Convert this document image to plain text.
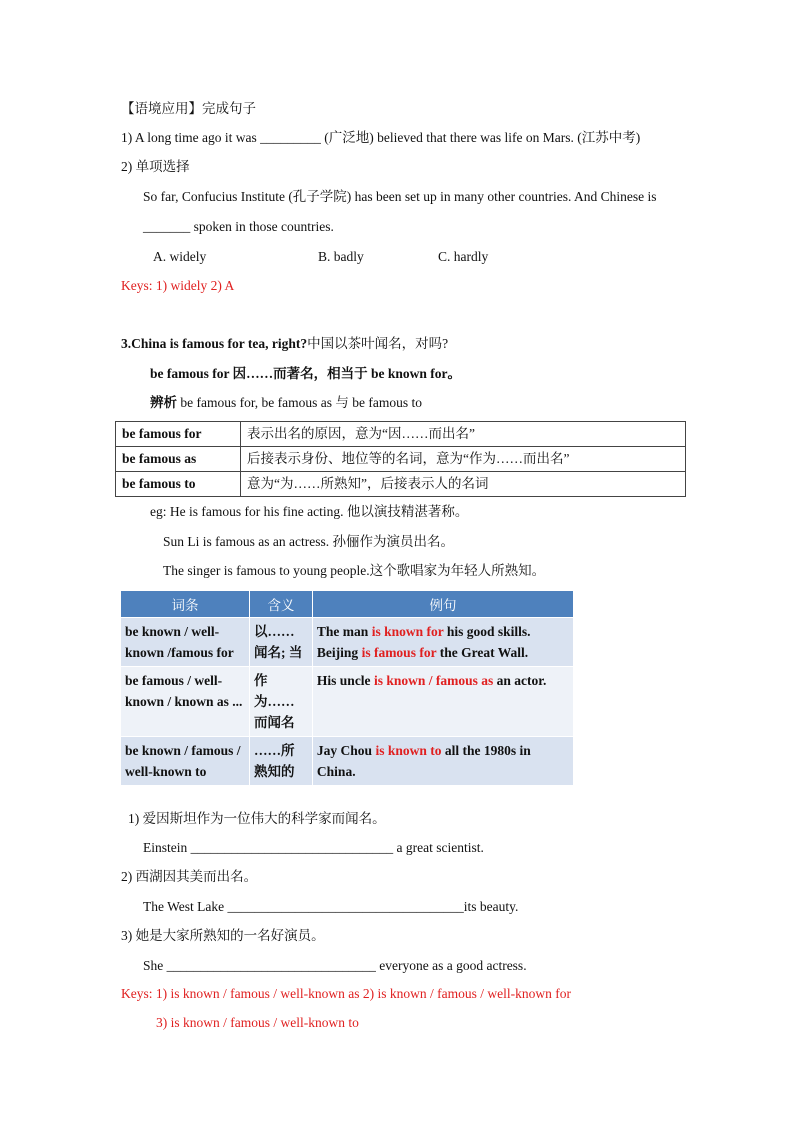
【语境应用】完成句子
1) A long time ago it was _________ (广泛地) believed that there was life on Mars. (江苏中考)
2) 单项选择
So far, Confucius Institute (孔子学院) has been set up in many other countries. And Chinese is
_______ spoken in those countries.
A. widely	B. badly	C. hardly
Keys: 1) widely 2) A
3.China is famous for tea, right?中国以茶叶闻名，对吗?
be famous for 因……而著名，相当于 be known for。
辨析 be famous for, be famous as 与 be famous to
be famous for	表示出名的原因，意为“因……而出名”
be famous as	后接表示身份、地位等的名词，意为“作为……而出名”
be famous to	意为“为……所熟知”，后接表示人的名词
eg: He is famous for his fine acting. 他以演技精湛著称。
Sun Li is famous as an actress. 孙俪作为演员出名。
The singer is famous to young people.这个歌唱家为年轻人所熟知。
词条	含义	例句
be known / well-known /famous for	以……闻名; 当	The man is known for his good skills. Beijing is famous for the Great Wall.
be famous / well-known / known as ...	作为……而闻名	His uncle is known / famous as an actor.
be known / famous / well-known to	……所熟知的	Jay Chou is known to all the 1980s in China.
1) 爱因斯坦作为一位伟大的科学家而闻名。
Einstein ______________________________ a great scientist.
2) 西湖因其美而出名。
The West Lake ___________________________________its beauty.
3) 她是大家所熟知的一名好演员。
She _______________________________ everyone as a good actress.
Keys: 1) is known / famous / well-known as 2) is known / famous / well-known for
3) is known / famous / well-known to
